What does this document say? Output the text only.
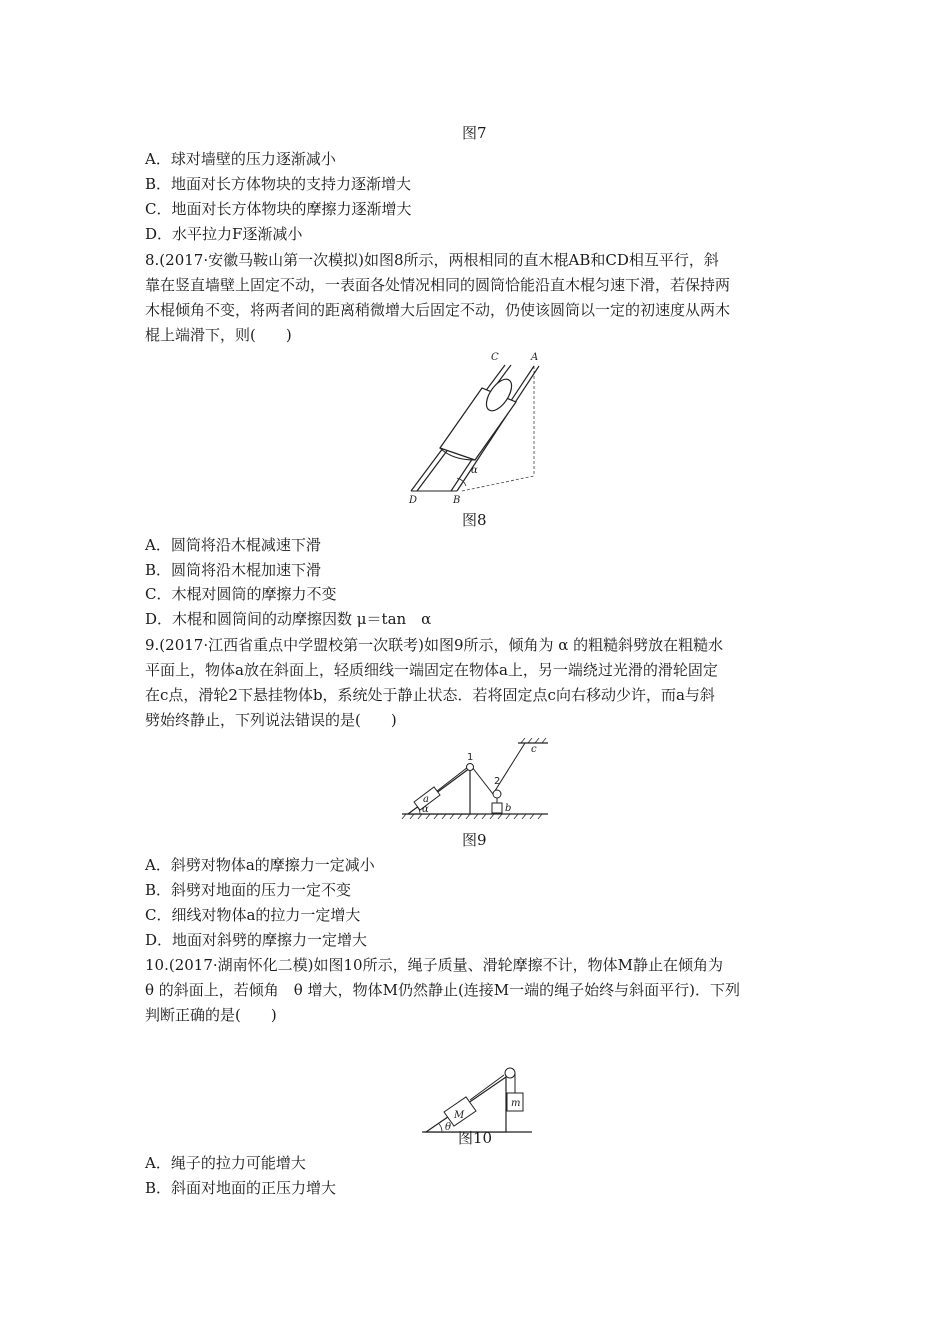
图7
A．球对墙壁的压力逐渐减小
B．地面对长方体物块的支持力逐渐增大
C．地面对长方体物块的摩擦力逐渐增大
D．水平拉力F逐渐减小
8.(2017·安徽马鞍山第一次模拟)如图8所示，两根相同的直木棍AB和CD相互平行，斜
靠在竖直墙壁上固定不动，一表面各处情况相同的圆筒恰能沿直木棍匀速下滑，若保持两
木棍倾角不变，将两者间的距离稍微增大后固定不动，仍使该圆筒以一定的初速度从两木
棍上端滑下，则(　　)
C	A
D	B
α
图8
A．圆筒将沿木棍减速下滑
B．圆筒将沿木棍加速下滑
C．木棍对圆筒的摩擦力不变
D．木棍和圆筒间的动摩擦因数 μ＝tan　α
9.(2017·江西省重点中学盟校第一次联考)如图9所示，倾角为 α 的粗糙斜劈放在粗糙水
平面上，物体a放在斜面上，轻质细线一端固定在物体a上，另一端绕过光滑的滑轮固定
在c点，滑轮2下悬挂物体b，系统处于静止状态．若将固定点c向右移动少许，而a与斜
劈始终静止，下列说法错误的是(　　)
1
2
a
b
c
α
图9
A．斜劈对物体a的摩擦力一定减小
B．斜劈对地面的压力一定不变
C．细线对物体a的拉力一定增大
D．地面对斜劈的摩擦力一定增大
10.(2017·湖南怀化二模)如图10所示，绳子质量、滑轮摩擦不计，物体M静止在倾角为
θ 的斜面上，若倾角　θ 增大，物体M仍然静止(连接M一端的绳子始终与斜面平行)．下列
判断正确的是(　　)
M
m
θ
图10
A．绳子的拉力可能增大
B．斜面对地面的正压力增大
